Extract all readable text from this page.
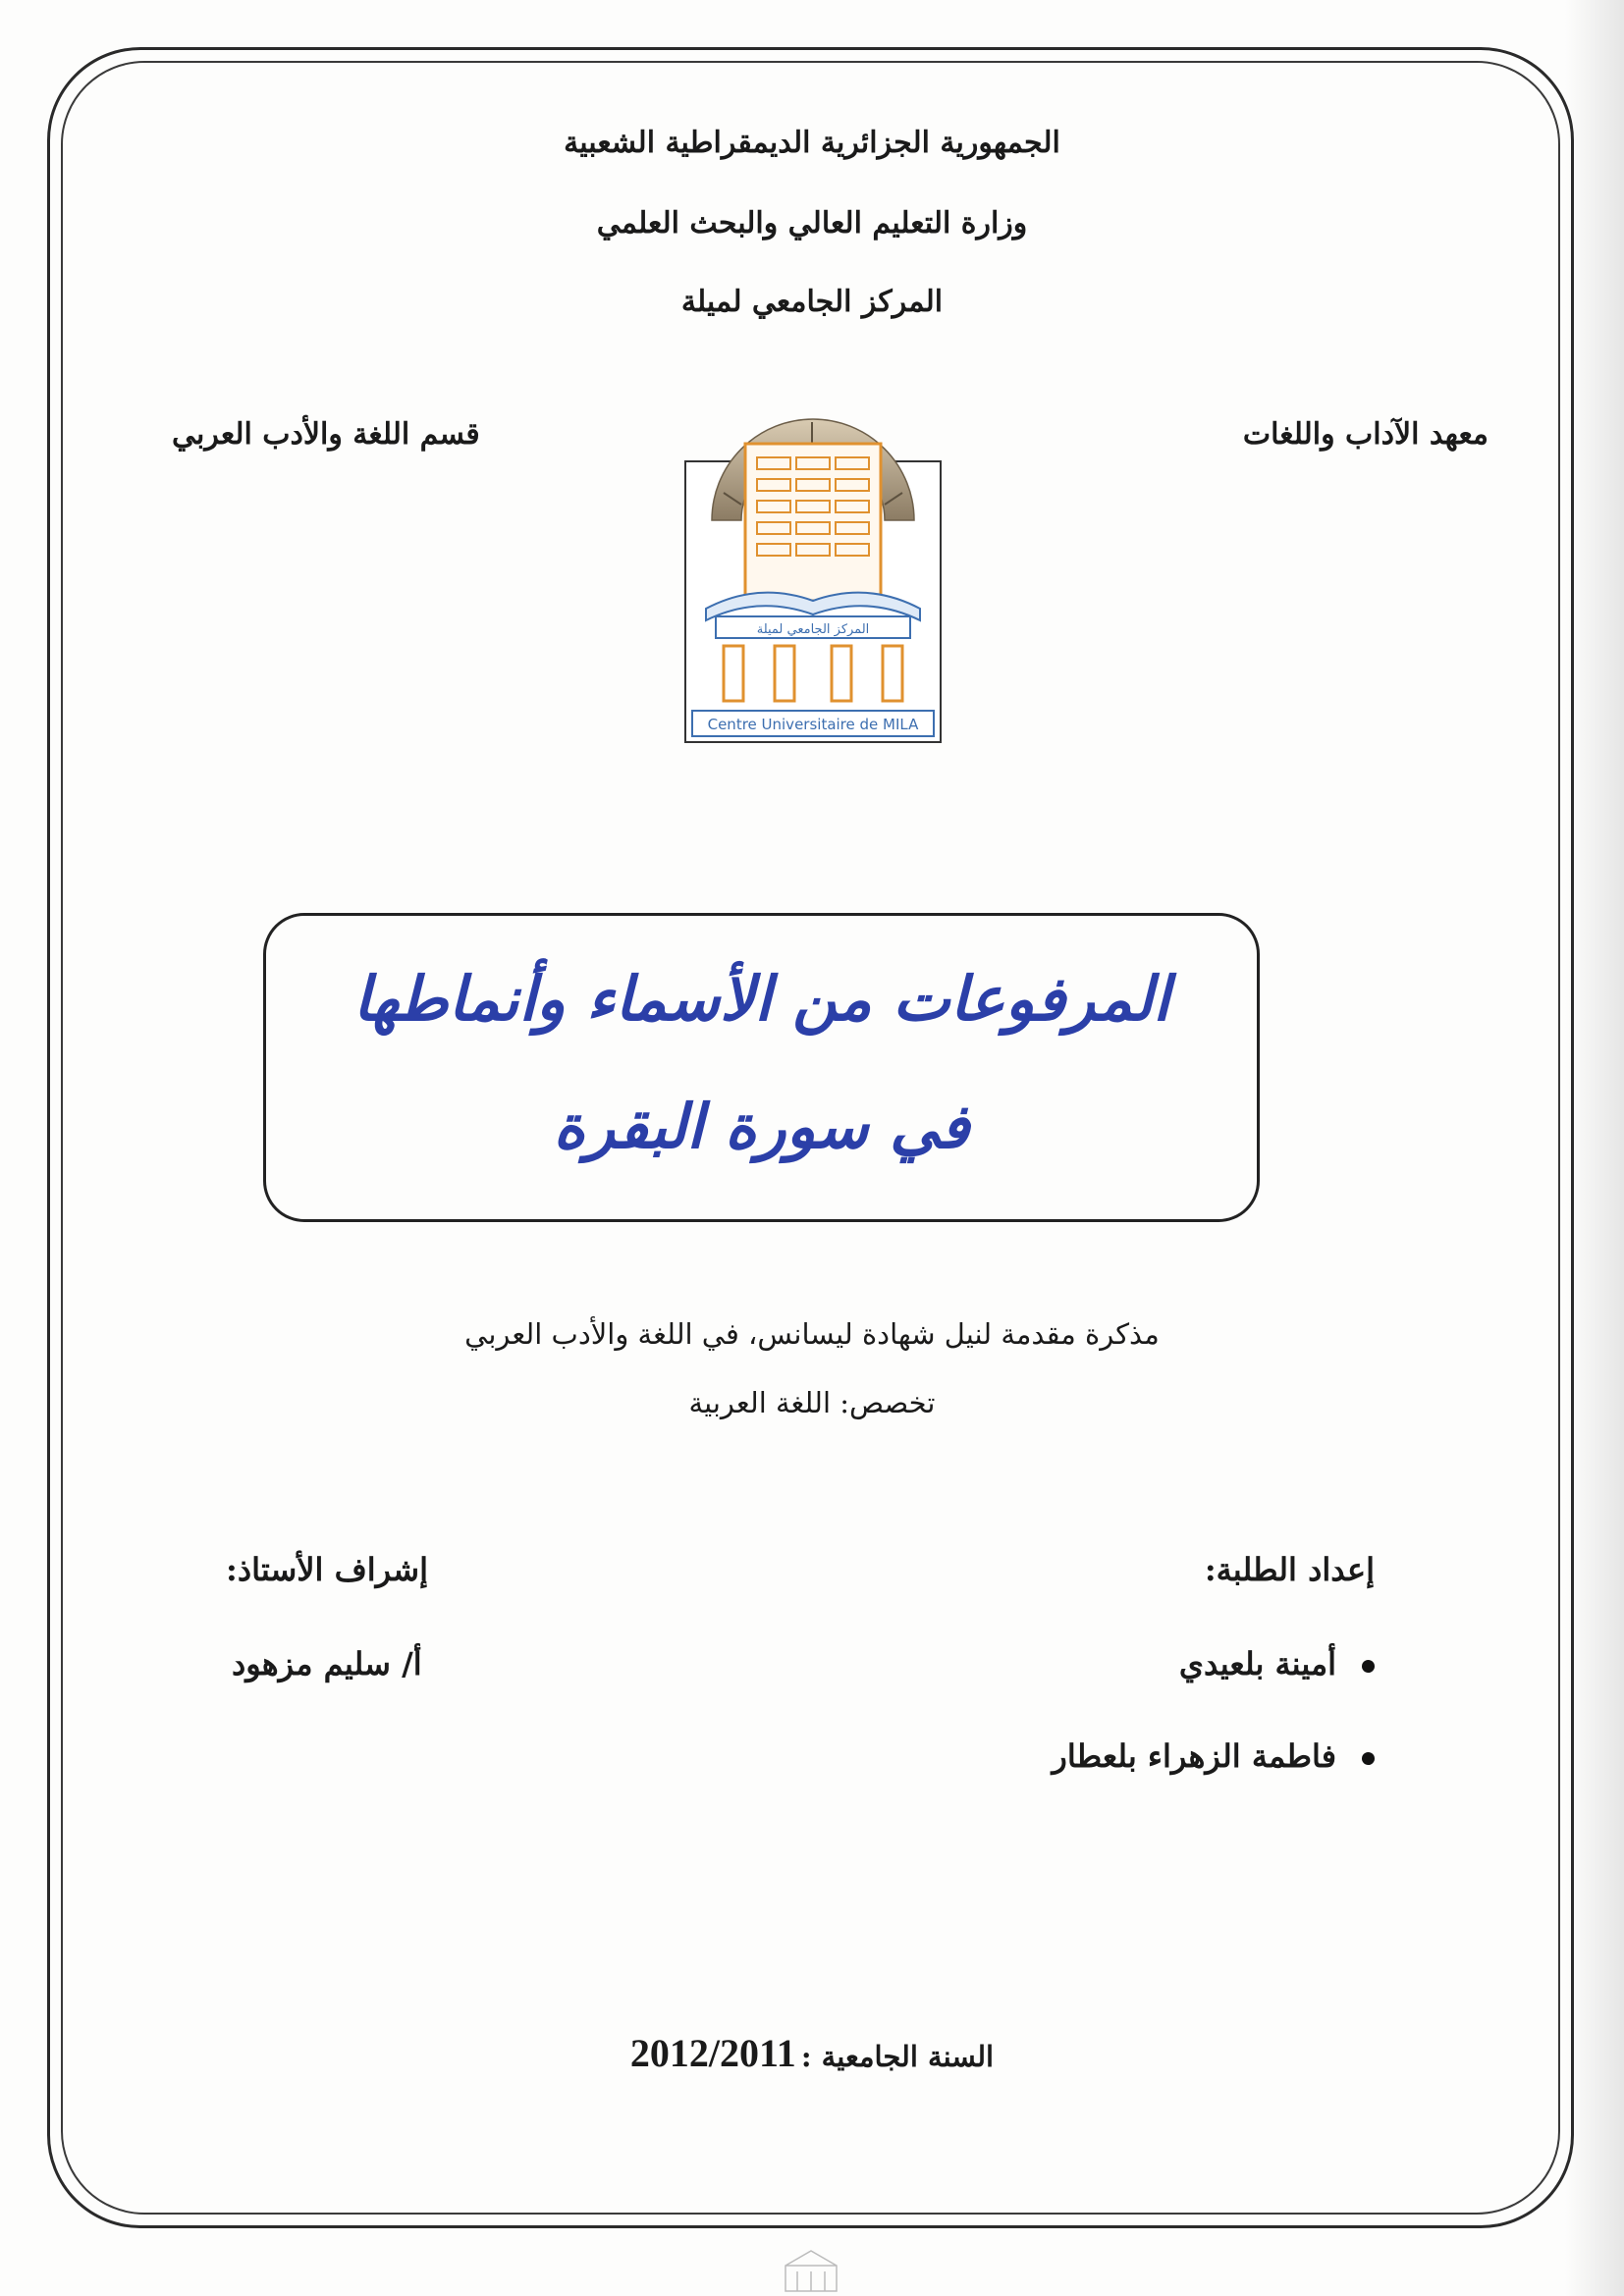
الجمهورية الجزائرية الديمقراطية الشعبية
وزارة التعليم العالي والبحث العلمي
المركز الجامعي لميلة
معهد الآداب واللغات
قسم اللغة والأدب العربي
المركز الجامعي لميلة
Centre Universitaire de MILA
المرفوعات من الأسماء وأنماطها
في سورة البقرة
مذكرة مقدمة لنيل شهادة ليسانس، في اللغة والأدب العربي
تخصص: اللغة العربية
إعداد الطلبة:
إشراف الأستاذ:
أمينة بلعيدي
فاطمة الزهراء بلعطار
أ/ سليم مزهود
السنة الجامعية : 2012/2011
